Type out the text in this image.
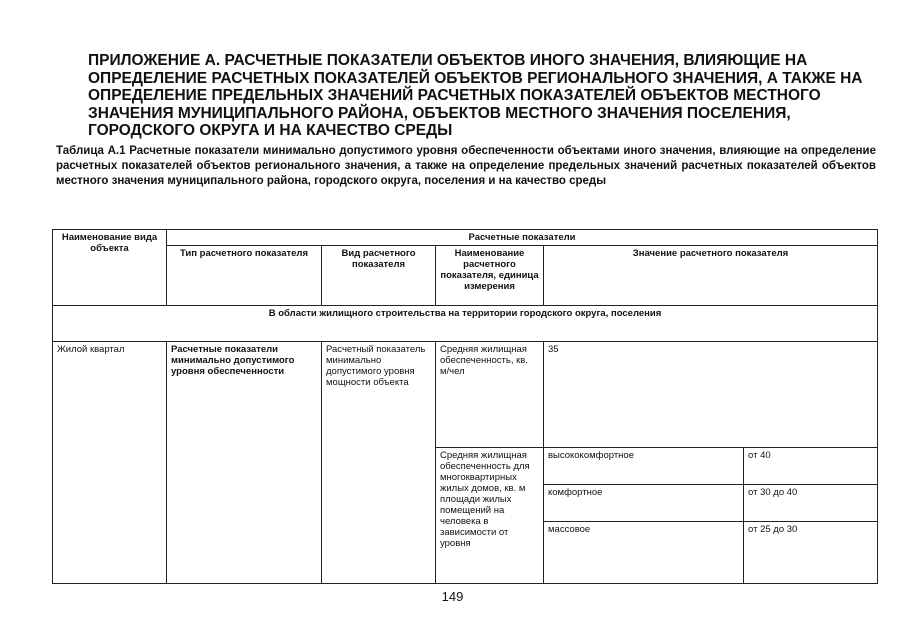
ПРИЛОЖЕНИЕ А. РАСЧЕТНЫЕ ПОКАЗАТЕЛИ ОБЪЕКТОВ ИНОГО ЗНАЧЕНИЯ, ВЛИЯЮЩИЕ НА ОПРЕДЕЛЕНИЕ РАСЧЕТНЫХ ПОКАЗАТЕЛЕЙ ОБЪЕКТОВ РЕГИОНАЛЬНОГО ЗНАЧЕНИЯ, А ТАКЖЕ НА ОПРЕДЕЛЕНИЕ ПРЕДЕЛЬНЫХ ЗНАЧЕНИЙ РАСЧЕТНЫХ ПОКАЗАТЕЛЕЙ ОБЪЕКТОВ МЕСТНОГО ЗНАЧЕНИЯ МУНИЦИПАЛЬНОГО РАЙОНА, ОБЪЕКТОВ МЕСТНОГО ЗНАЧЕНИЯ ПОСЕЛЕНИЯ, ГОРОДСКОГО ОКРУГА И НА КАЧЕСТВО СРЕДЫ

Таблица А.1 Расчетные показатели минимально допустимого уровня обеспеченности объектами иного значения, влияющие на определение расчетных показателей объектов регионального значения, а также на определение предельных значений расчетных показателей объектов местного значения муниципального района, городского округа, поселения и на качество среды

Наименование вида объекта	Расчетные показатели				
	Тип расчетного показателя	Вид расчетного показателя	Наименование расчетного показателя, единица измерения	Значение расчетного показателя	
В области жилищного строительства на территории городского округа, поселения					
Жилой квартал	Расчетные показатели минимально допустимого уровня обеспеченности	Расчетный показатель минимально допустимого уровня мощности объекта	Средняя жилищная обеспеченность, кв. м/чел	35	
			Средняя жилищная обеспеченность для многоквартирных жилых домов, кв. м площади жилых помещений на человека в зависимости от уровня	высококомфортное	от 40
				комфортное	от 30 до 40
				массовое	от 25 до 30
149
